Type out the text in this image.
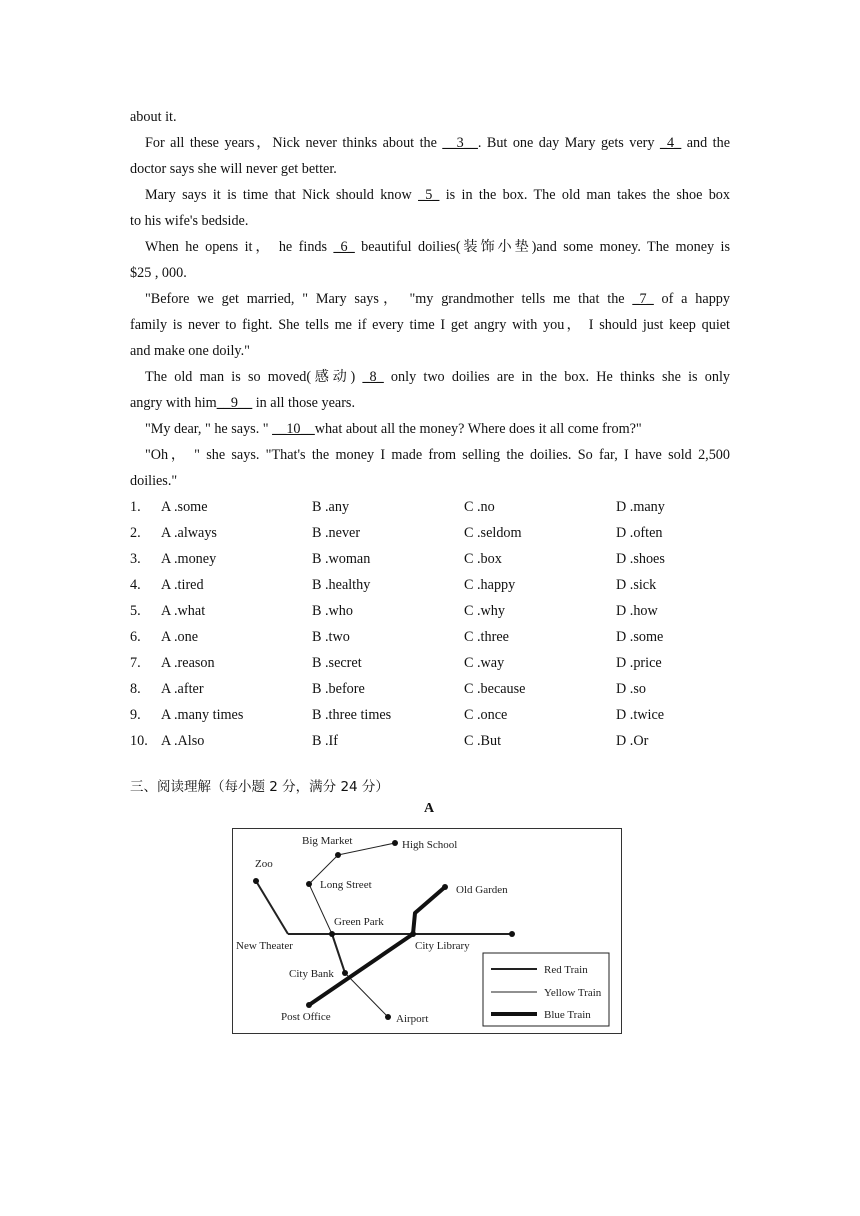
about it.
For all these years，Nick never thinks about the __3__. But one day Mary gets very _4_ and the
doctor says she will never get better.
Mary says it is time that Nick should know _5_ is in the box. The old man takes the shoe box
to his wife's bedside.
When he opens it， he finds _6_ beautiful doilies(装饰小垫)and some money. The money is
$25 , 000.
"Before we get married, " Mary says， "my grandmother tells me that the _7_ of a happy
family is never to fight. She tells me if every time I get angry with you， I should just keep quiet
and make one doily."
The old man is so moved(感动) _8_ only two doilies are in the box. He thinks she is only
angry with him__9__ in all those years.
"My dear, " he says. " __10__what about all the money? Where does it all come from?"
"Oh， " she says. "That's the money I made from selling the doilies. So far, I have sold 2,500
doilies."
1. A .some	B .any	C .no	D .many
2. A .always	B .never	C .seldom	D .often
3. A .money	B .woman	C .box	D .shoes
4. A .tired	B .healthy	C .happy	D .sick
5. A .what	B .who	C .why	D .how
6. A .one	B .two	C .three	D .some
7. A .reason	B .secret	C .way	D .price
8. A .after	B .before	C .because	D .so
9. A .many times	B .three times	C .once	D .twice
10. A .Also	B .If	C .But	D .Or
三、阅读理解（每小题 2 分，满分 24 分）
A
Big Market	High School
Zoo
Long Street	Old Garden
Green Park
New Theater	City Library
City Bank
Post Office	Airport
Red Train
Yellow Train
Blue Train
